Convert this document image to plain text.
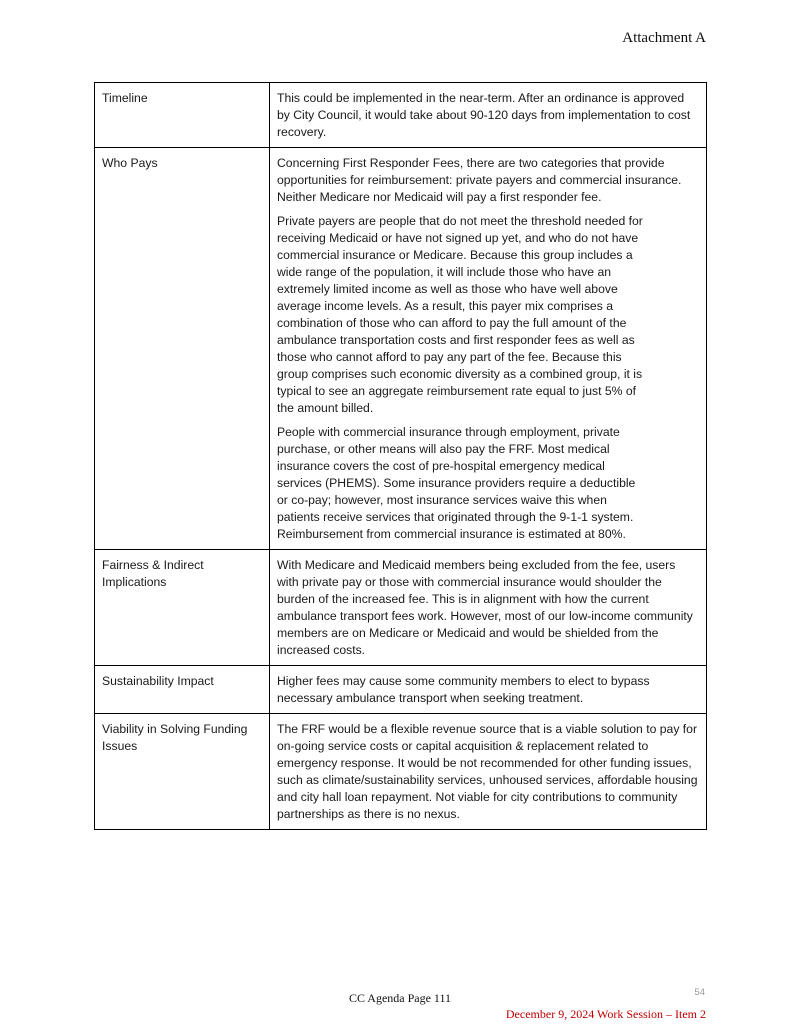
Attachment A
Timeline	This could be implemented in the near-term. After an ordinance is approved by City Council, it would take about 90-120 days from implementation to cost recovery.

Who Pays	Concerning First Responder Fees, there are two categories that provide opportunities for reimbursement: private payers and commercial insurance. Neither Medicare nor Medicaid will pay a first responder fee.

Private payers are people that do not meet the threshold needed for receiving Medicaid or have not signed up yet, and who do not have commercial insurance or Medicare. Because this group includes a wide range of the population, it will include those who have an extremely limited income as well as those who have well above average income levels. As a result, this payer mix comprises a combination of those who can afford to pay the full amount of the ambulance transportation costs and first responder fees as well as those who cannot afford to pay any part of the fee. Because this group comprises such economic diversity as a combined group, it is typical to see an aggregate reimbursement rate equal to just 5% of the amount billed.

People with commercial insurance through employment, private purchase, or other means will also pay the FRF. Most medical insurance covers the cost of pre-hospital emergency medical services (PHEMS). Some insurance providers require a deductible or co-pay; however, most insurance services waive this when patients receive services that originated through the 9-1-1 system. Reimbursement from commercial insurance is estimated at 80%.

Fairness & Indirect Implications	With Medicare and Medicaid members being excluded from the fee, users with private pay or those with commercial insurance would shoulder the burden of the increased fee. This is in alignment with how the current ambulance transport fees work. However, most of our low-income community members are on Medicare or Medicaid and would be shielded from the increased costs.

Sustainability Impact	Higher fees may cause some community members to elect to bypass necessary ambulance transport when seeking treatment.

Viability in Solving Funding Issues	The FRF would be a flexible revenue source that is a viable solution to pay for on-going service costs or capital acquisition & replacement related to emergency response. It would be not recommended for other funding issues, such as climate/sustainability services, unhoused services, affordable housing and city hall loan repayment. Not viable for city contributions to community partnerships as there is no nexus.

CC Agenda Page 111	54
December 9, 2024 Work Session – Item 2
